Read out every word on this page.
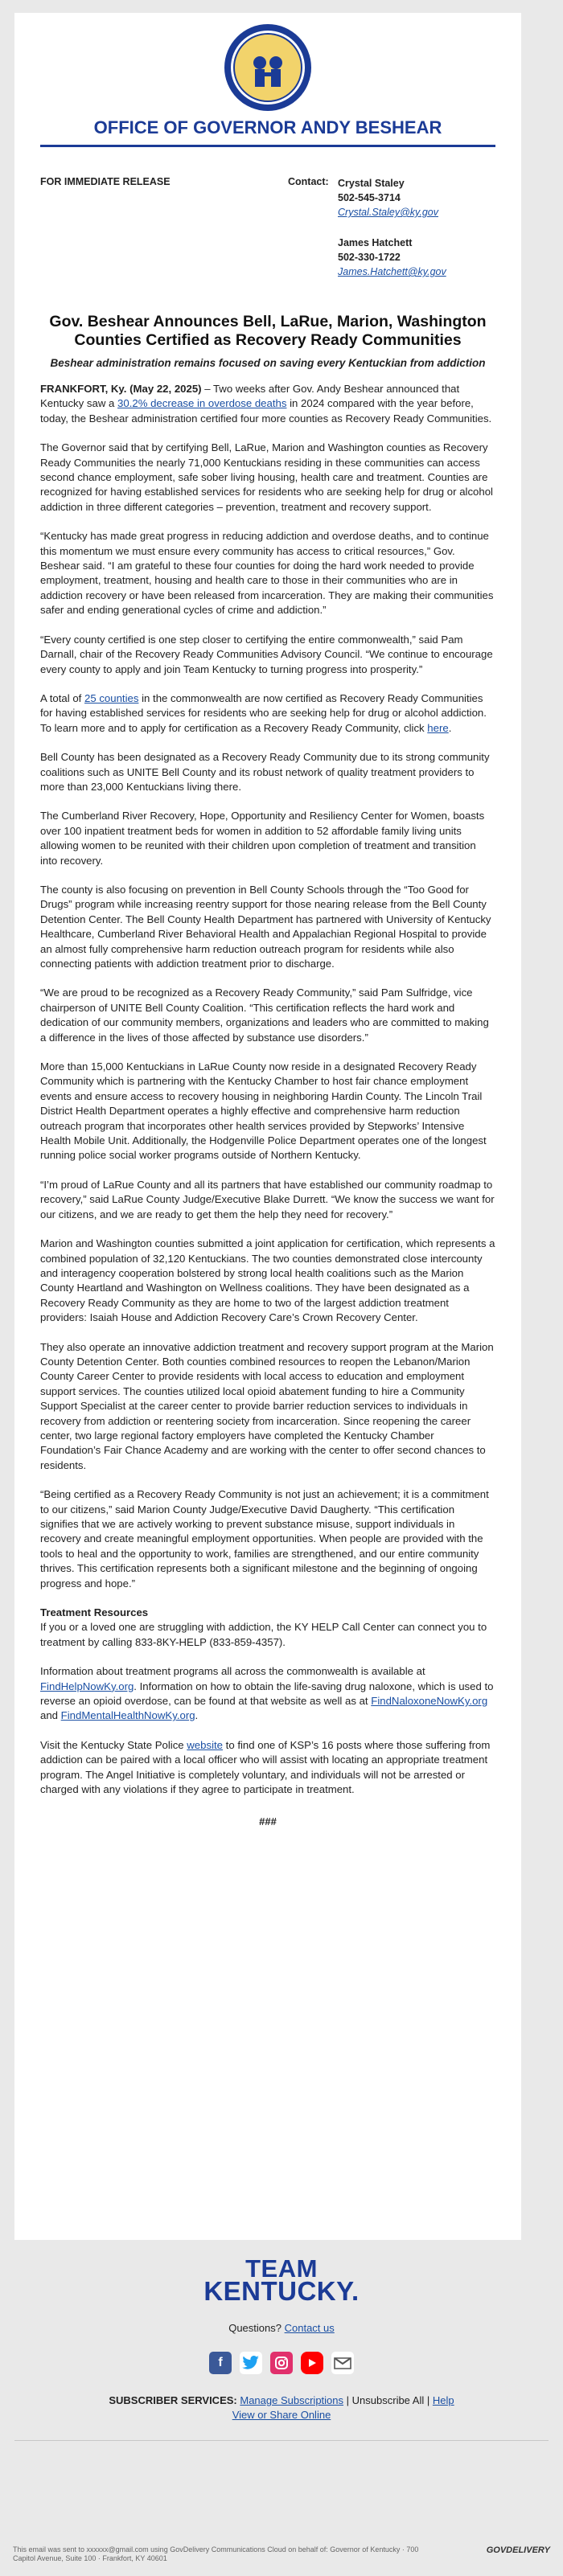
OFFICE OF GOVERNOR ANDY BESHEAR
FOR IMMEDIATE RELEASE	Contact: Crystal Staley

502-545-3714

Crystal.Staley@ky.gov

James Hatchett

502-330-1722

James.Hatchett@ky.gov

Gov. Beshear Announces Bell, LaRue, Marion, Washington Counties Certified as Recovery Ready Communities
Beshear administration remains focused on saving every Kentuckian from addiction

FRANKFORT, Ky. (May 22, 2025) – Two weeks after Gov. Andy Beshear announced that Kentucky saw a 30.2% decrease in overdose deaths in 2024 compared with the year before, today, the Beshear administration certified four more counties as Recovery Ready Communities.

The Governor said that by certifying Bell, LaRue, Marion and Washington counties as Recovery Ready Communities the nearly 71,000 Kentuckians residing in these communities can access second chance employment, safe sober living housing, health care and treatment. Counties are recognized for having established services for residents who are seeking help for drug or alcohol addiction in three different categories – prevention, treatment and recovery support.

“Kentucky has made great progress in reducing addiction and overdose deaths, and to continue this momentum we must ensure every community has access to critical resources,” Gov. Beshear said. “I am grateful to these four counties for doing the hard work needed to provide employment, treatment, housing and health care to those in their communities who are in addiction recovery or have been released from incarceration. They are making their communities safer and ending generational cycles of crime and addiction.”

“Every county certified is one step closer to certifying the entire commonwealth,” said Pam Darnall, chair of the Recovery Ready Communities Advisory Council. “We continue to encourage every county to apply and join Team Kentucky to turning progress into prosperity.”

A total of 25 counties in the commonwealth are now certified as Recovery Ready Communities for having established services for residents who are seeking help for drug or alcohol addiction. To learn more and to apply for certification as a Recovery Ready Community, click here.

Bell County has been designated as a Recovery Ready Community due to its strong community coalitions such as UNITE Bell County and its robust network of quality treatment providers to more than 23,000 Kentuckians living there.

The Cumberland River Recovery, Hope, Opportunity and Resiliency Center for Women, boasts over 100 inpatient treatment beds for women in addition to 52 affordable family living units allowing women to be reunited with their children upon completion of treatment and transition into recovery.

The county is also focusing on prevention in Bell County Schools through the “Too Good for Drugs” program while increasing reentry support for those nearing release from the Bell County Detention Center. The Bell County Health Department has partnered with University of Kentucky Healthcare, Cumberland River Behavioral Health and Appalachian Regional Hospital to provide an almost fully comprehensive harm reduction outreach program for residents while also connecting patients with addiction treatment prior to discharge.

“We are proud to be recognized as a Recovery Ready Community,” said Pam Sulfridge, vice chairperson of UNITE Bell County Coalition. “This certification reflects the hard work and dedication of our community members, organizations and leaders who are committed to making a difference in the lives of those affected by substance use disorders.”

More than 15,000 Kentuckians in LaRue County now reside in a designated Recovery Ready Community which is partnering with the Kentucky Chamber to host fair chance employment events and ensure access to recovery housing in neighboring Hardin County. The Lincoln Trail District Health Department operates a highly effective and comprehensive harm reduction outreach program that incorporates other health services provided by Stepworks’ Intensive Health Mobile Unit. Additionally, the Hodgenville Police Department operates one of the longest running police social worker programs outside of Northern Kentucky.

“I’m proud of LaRue County and all its partners that have established our community roadmap to recovery,” said LaRue County Judge/Executive Blake Durrett. “We know the success we want for our citizens, and we are ready to get them the help they need for recovery.”

Marion and Washington counties submitted a joint application for certification, which represents a combined population of 32,120 Kentuckians. The two counties demonstrated close intercounty and interagency cooperation bolstered by strong local health coalitions such as the Marion County Heartland and Washington on Wellness coalitions. They have been designated as a Recovery Ready Community as they are home to two of the largest addiction treatment providers: Isaiah House and Addiction Recovery Care’s Crown Recovery Center.

They also operate an innovative addiction treatment and recovery support program at the Marion County Detention Center. Both counties combined resources to reopen the Lebanon/Marion County Career Center to provide residents with local access to education and employment support services. The counties utilized local opioid abatement funding to hire a Community Support Specialist at the career center to provide barrier reduction services to individuals in recovery from addiction or reentering society from incarceration. Since reopening the career center, two large regional factory employers have completed the Kentucky Chamber Foundation’s Fair Chance Academy and are working with the center to offer second chances to residents.

“Being certified as a Recovery Ready Community is not just an achievement; it is a commitment to our citizens,” said Marion County Judge/Executive David Daugherty. “This certification signifies that we are actively working to prevent substance misuse, support individuals in recovery and create meaningful employment opportunities. When people are provided with the tools to heal and the opportunity to work, families are strengthened, and our entire community thrives. This certification represents both a significant milestone and the beginning of ongoing progress and hope.”

Treatment Resources

If you or a loved one are struggling with addiction, the KY HELP Call Center can connect you to treatment by calling 833-8KY-HELP (833-859-4357).

Information about treatment programs all across the commonwealth is available at FindHelpNowKy.org. Information on how to obtain the life-saving drug naloxone, which is used to reverse an opioid overdose, can be found at that website as well as at FindNaloxoneNowKy.org and FindMentalHealthNowKy.org.

Visit the Kentucky State Police website to find one of KSP’s 16 posts where those suffering from addiction can be paired with a local officer who will assist with locating an appropriate treatment program. The Angel Initiative is completely voluntary, and individuals will not be arrested or charged with any violations if they agree to participate in treatment.

###
TEAM
KENTUCKY.
Questions? Contact us
f
SUBSCRIBER SERVICES: Manage Subscriptions | Unsubscribe All | Help
View or Share Online
This email was sent to xxxxxx@gmail.com using GovDelivery Communications Cloud on behalf of: Governor of Kentucky · 700 Capitol Avenue, Suite 100 · Frankfort, KY 40601
GOVDELIVERY
